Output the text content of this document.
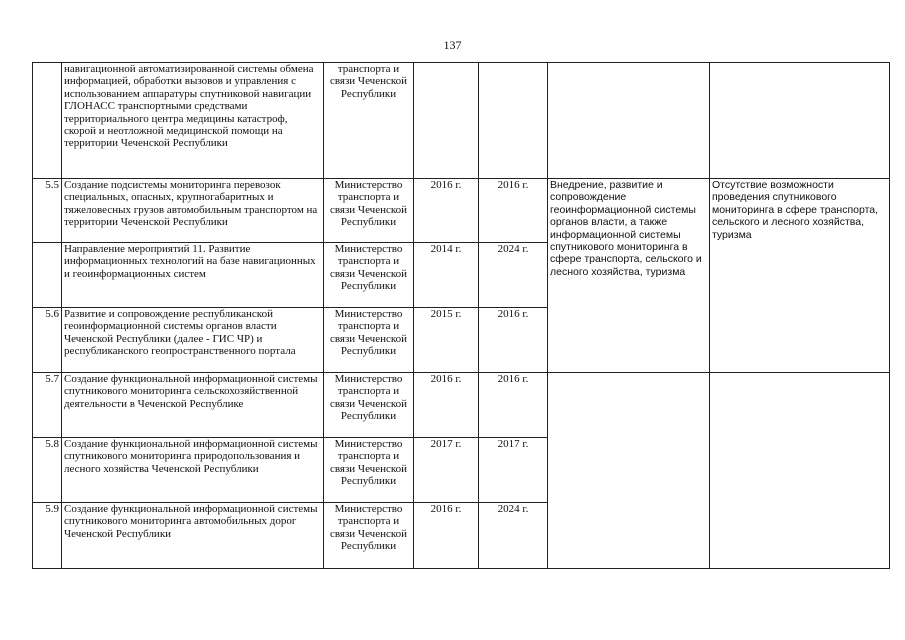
137
	навигационной автоматизированной системы обмена информацией, обработки вызовов и управления с использованием аппаратуры спутниковой навигации ГЛОНАСС транспортными средствами территориального центра медицины катастроф, скорой и неотложной медицинской помощи на территории Чеченской Республики	транспорта и связи Чеченской Республики				
5.5	Создание подсистемы мониторинга перевозок специальных, опасных, крупногабаритных и тяжеловесных грузов автомобильным транспортом на территории Чеченской Республики	Министерство транспорта и связи Чеченской Республики	2016 г.	2016 г.	Внедрение, развитие и сопровождение геоинформационной системы органов власти, а также информационной системы спутникового мониторинга в сфере транспорта, сельского и лесного хозяйства, туризма	Отсутствие возможности проведения спутникового мониторинга в сфере транспорта, сельского и лесного хозяйства, туризма
	Направление мероприятий 11. Развитие информационных технологий на базе навигационных и геоинформационных систем	Министерство транспорта и связи Чеченской Республики	2014 г.	2024 г.		
5.6	Развитие и сопровождение республиканской геоинформационной системы органов власти Чеченской Республики (далее - ГИС ЧР) и республиканского геопространственного портала	Министерство транспорта и связи Чеченской Республики	2015 г.	2016 г.		
5.7	Создание функциональной информационной системы спутникового мониторинга сельскохозяйственной деятельности в Чеченской Республике	Министерство транспорта и связи Чеченской Республики	2016 г.	2016 г.		
5.8	Создание функциональной информационной системы спутникового мониторинга природопользования и лесного хозяйства Чеченской Республики	Министерство транспорта и связи Чеченской Республики	2017 г.	2017 г.		
5.9	Создание функциональной информационной системы спутникового мониторинга автомобильных дорог Чеченской Республики	Министерство транспорта и связи Чеченской Республики	2016 г.	2024 г.		
